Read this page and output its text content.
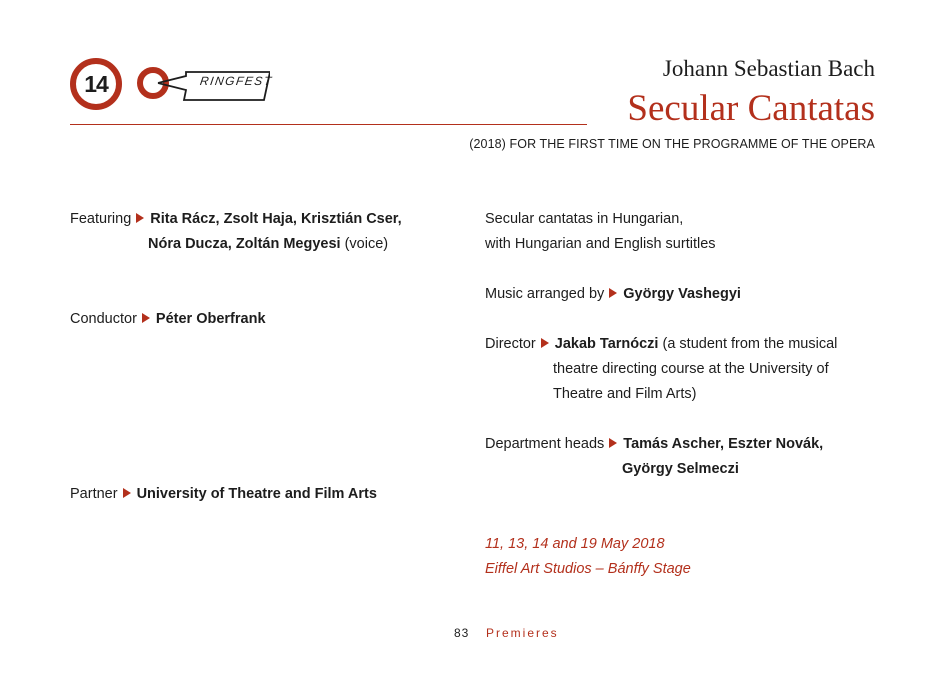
14	RINGFEST	Johann Sebastian Bach
Secular Cantatas
(2018) FOR THE FIRST TIME ON THE PROGRAMME OF THE OPERA
Featuring Rita Rácz, Zsolt Haja, Krisztián Cser,
Nóra Ducza, Zoltán Megyesi (voice)
Conductor Péter Oberfrank
Partner University of Theatre and Film Arts
Secular cantatas in Hungarian,
with Hungarian and English surtitles
Music arranged by György Vashegyi
Director Jakab Tarnóczi (a student from the musical
theatre directing course at the University of
Theatre and Film Arts)
Department heads Tamás Ascher, Eszter Novák,
György Selmeczi
11, 13, 14 and 19 May 2018
Eiffel Art Studios – Bánffy Stage
83 Premieres
